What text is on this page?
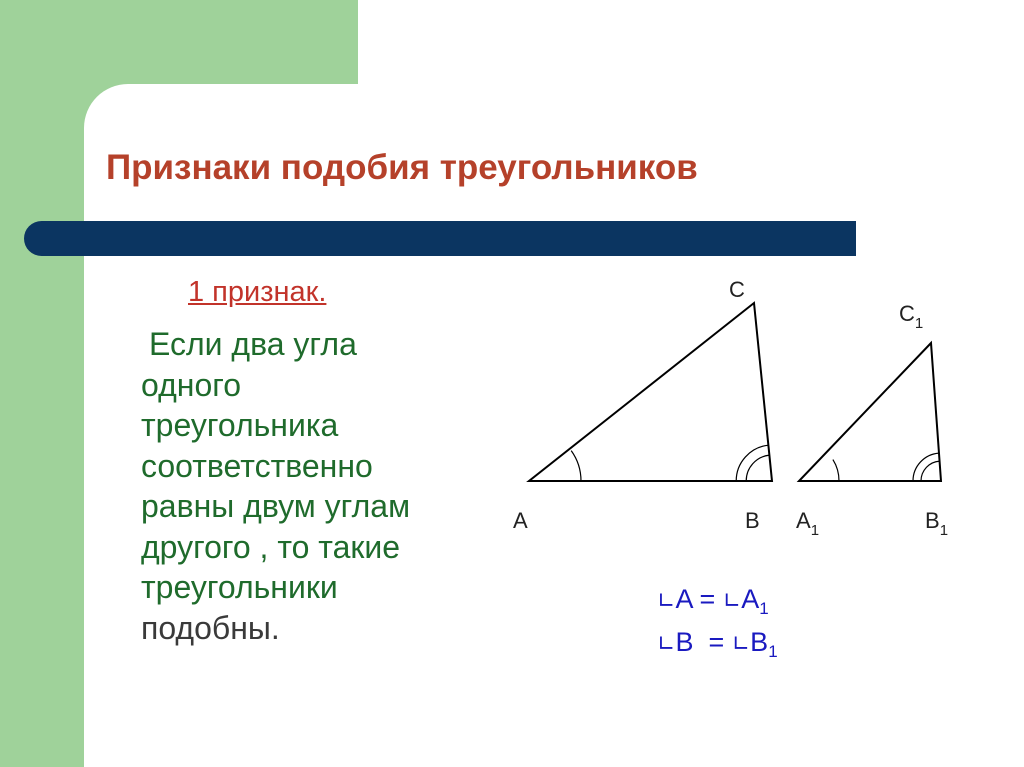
Признаки подобия треугольников
1 признак.

Если два угла
одного
треугольника
соответственно
равны двум углам
другого , то такие
треугольники
подобны.

C
A	B
$C_1$
$A_1$	$B_1$
∟A = $∟A_1$
∟B  = $∟B_1$
